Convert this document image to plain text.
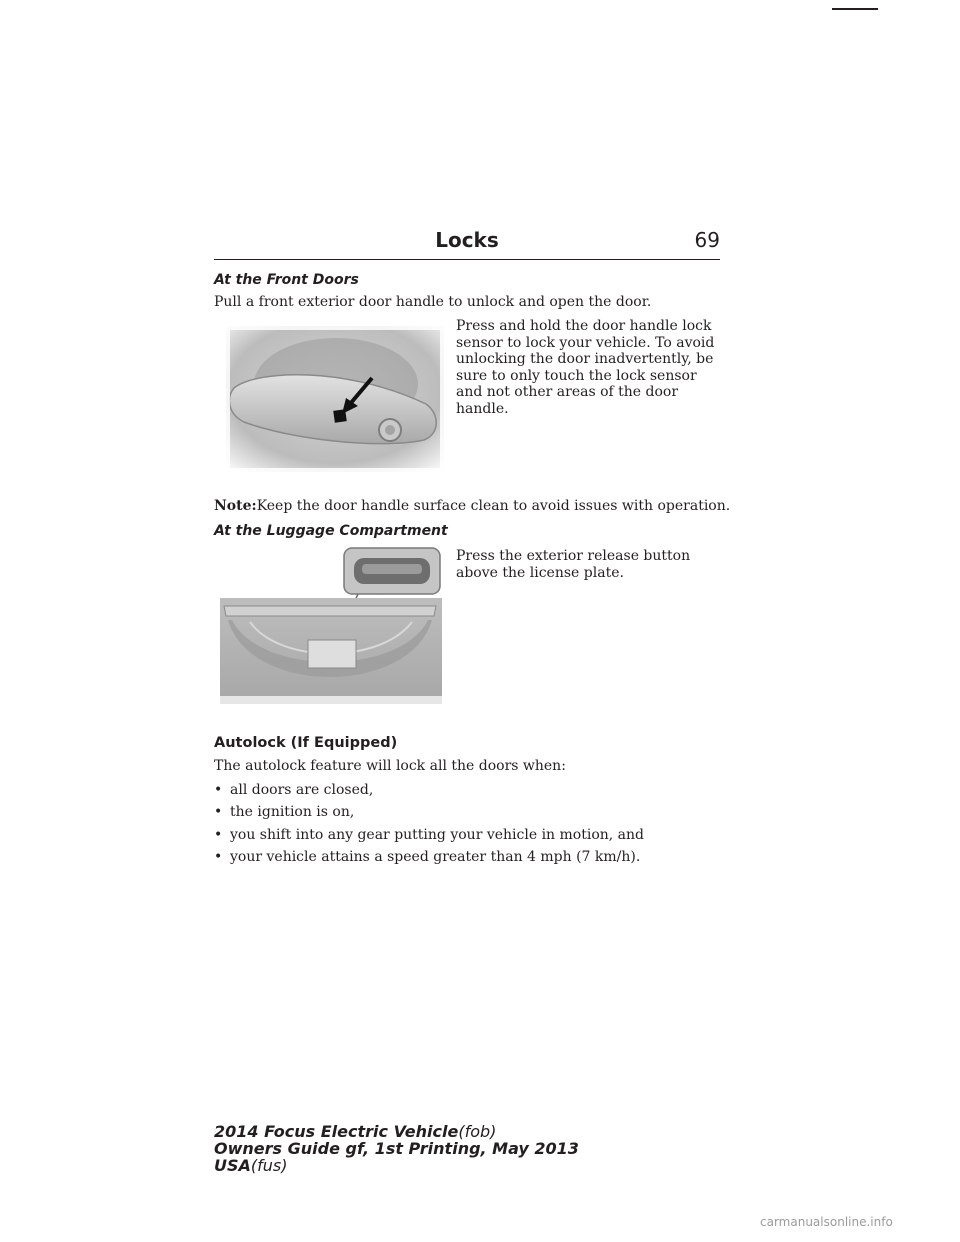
Locks	69
At the Front Doors
Pull a front exterior door handle to unlock and open the door.
Press and hold the door handle lock
sensor to lock your vehicle. To avoid
unlocking the door inadvertently, be
sure to only touch the lock sensor
and not other areas of the door
handle.
Note:Keep the door handle surface clean to avoid issues with operation.
At the Luggage Compartment
Press the exterior release button
above the license plate.
Autolock (If Equipped)
The autolock feature will lock all the doors when:
• all doors are closed,
• the ignition is on,
• you shift into any gear putting your vehicle in motion, and
• your vehicle attains a speed greater than 4 mph (7 km/h).
2014 Focus Electric Vehicle(fob)
Owners Guide gf, 1st Printing, May 2013
USA(fus)
carmanualsonline.info
